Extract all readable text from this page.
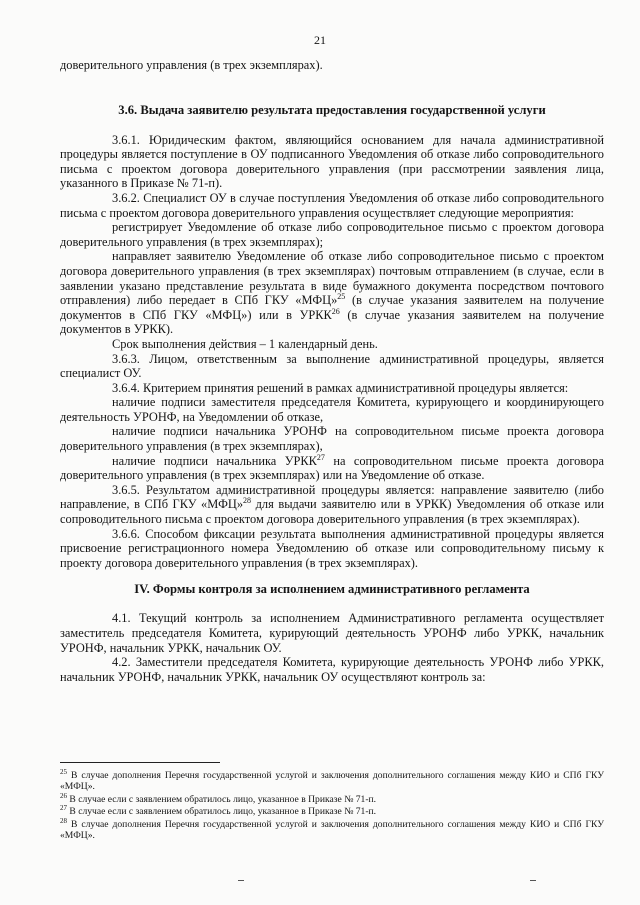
21

доверительного управления (в трех экземплярах).

3.6. Выдача заявителю результата предоставления государственной услуги

3.6.1. Юридическим фактом, являющийся основанием для начала административной процедуры является поступление в ОУ подписанного Уведомления об отказе либо сопроводительного письма с проектом договора доверительного управления (при рассмотрении заявления лица, указанного в Приказе № 71-п).

3.6.2. Специалист ОУ в случае поступления Уведомления об отказе либо сопроводительного письма с проектом договора доверительного управления осуществляет следующие мероприятия:

регистрирует Уведомление об отказе либо сопроводительное письмо с проектом договора доверительного управления (в трех экземплярах);

направляет заявителю Уведомление об отказе либо сопроводительное письмо с проектом договора доверительного управления (в трех экземплярах) почтовым отправлением (в случае, если в заявлении указано представление результата в виде бумажного документа посредством почтового отправления) либо передает в СПб ГКУ «МФЦ»$^{25}$ (в случае указания заявителем на получение документов в СПб ГКУ «МФЦ») или в УРКК$^{26}$ (в случае указания заявителем на получение документов в УРКК).

Срок выполнения действия – 1 календарный день.

3.6.3. Лицом, ответственным за выполнение административной процедуры, является специалист ОУ.

3.6.4. Критерием принятия решений в рамках административной процедуры является:

наличие подписи заместителя председателя Комитета, курирующего и координирующего деятельность УРОНФ, на Уведомлении об отказе,

наличие подписи начальника УРОНФ на сопроводительном письме проекта договора доверительного управления (в трех экземплярах),

наличие подписи начальника УРКК$^{27}$ на сопроводительном письме проекта договора доверительного управления (в трех экземплярах) или на Уведомление об отказе.

3.6.5. Результатом административной процедуры является: направление заявителю (либо направление, в СПб ГКУ «МФЦ»$^{28}$ для выдачи заявителю или в УРКК) Уведомления об отказе или сопроводительного письма с проектом договора доверительного управления (в трех экземплярах).

3.6.6. Способом фиксации результата выполнения административной процедуры является присвоение регистрационного номера Уведомлению об отказе или сопроводительному письму к проекту договора доверительного управления (в трех экземплярах).

IV. Формы контроля за исполнением административного регламента

4.1. Текущий контроль за исполнением Административного регламента осуществляет заместитель председателя Комитета, курирующий деятельность УРОНФ либо УРКК, начальник УРОНФ, начальник УРКК, начальник ОУ.

4.2. Заместители председателя Комитета, курирующие деятельность УРОНФ либо УРКК, начальник УРОНФ, начальник УРКК, начальник ОУ осуществляют контроль за:

$^{25}$ В случае дополнения Перечня государственной услугой и заключения дополнительного соглашения между КИО и СПб ГКУ «МФЦ».

$^{26}$ В случае если с заявлением обратилось лицо, указанное в Приказе № 71-п.

$^{27}$ В случае если с заявлением обратилось лицо, указанное в Приказе № 71-п.

$^{28}$ В случае дополнения Перечня государственной услугой и заключения дополнительного соглашения между КИО и СПб ГКУ «МФЦ».
